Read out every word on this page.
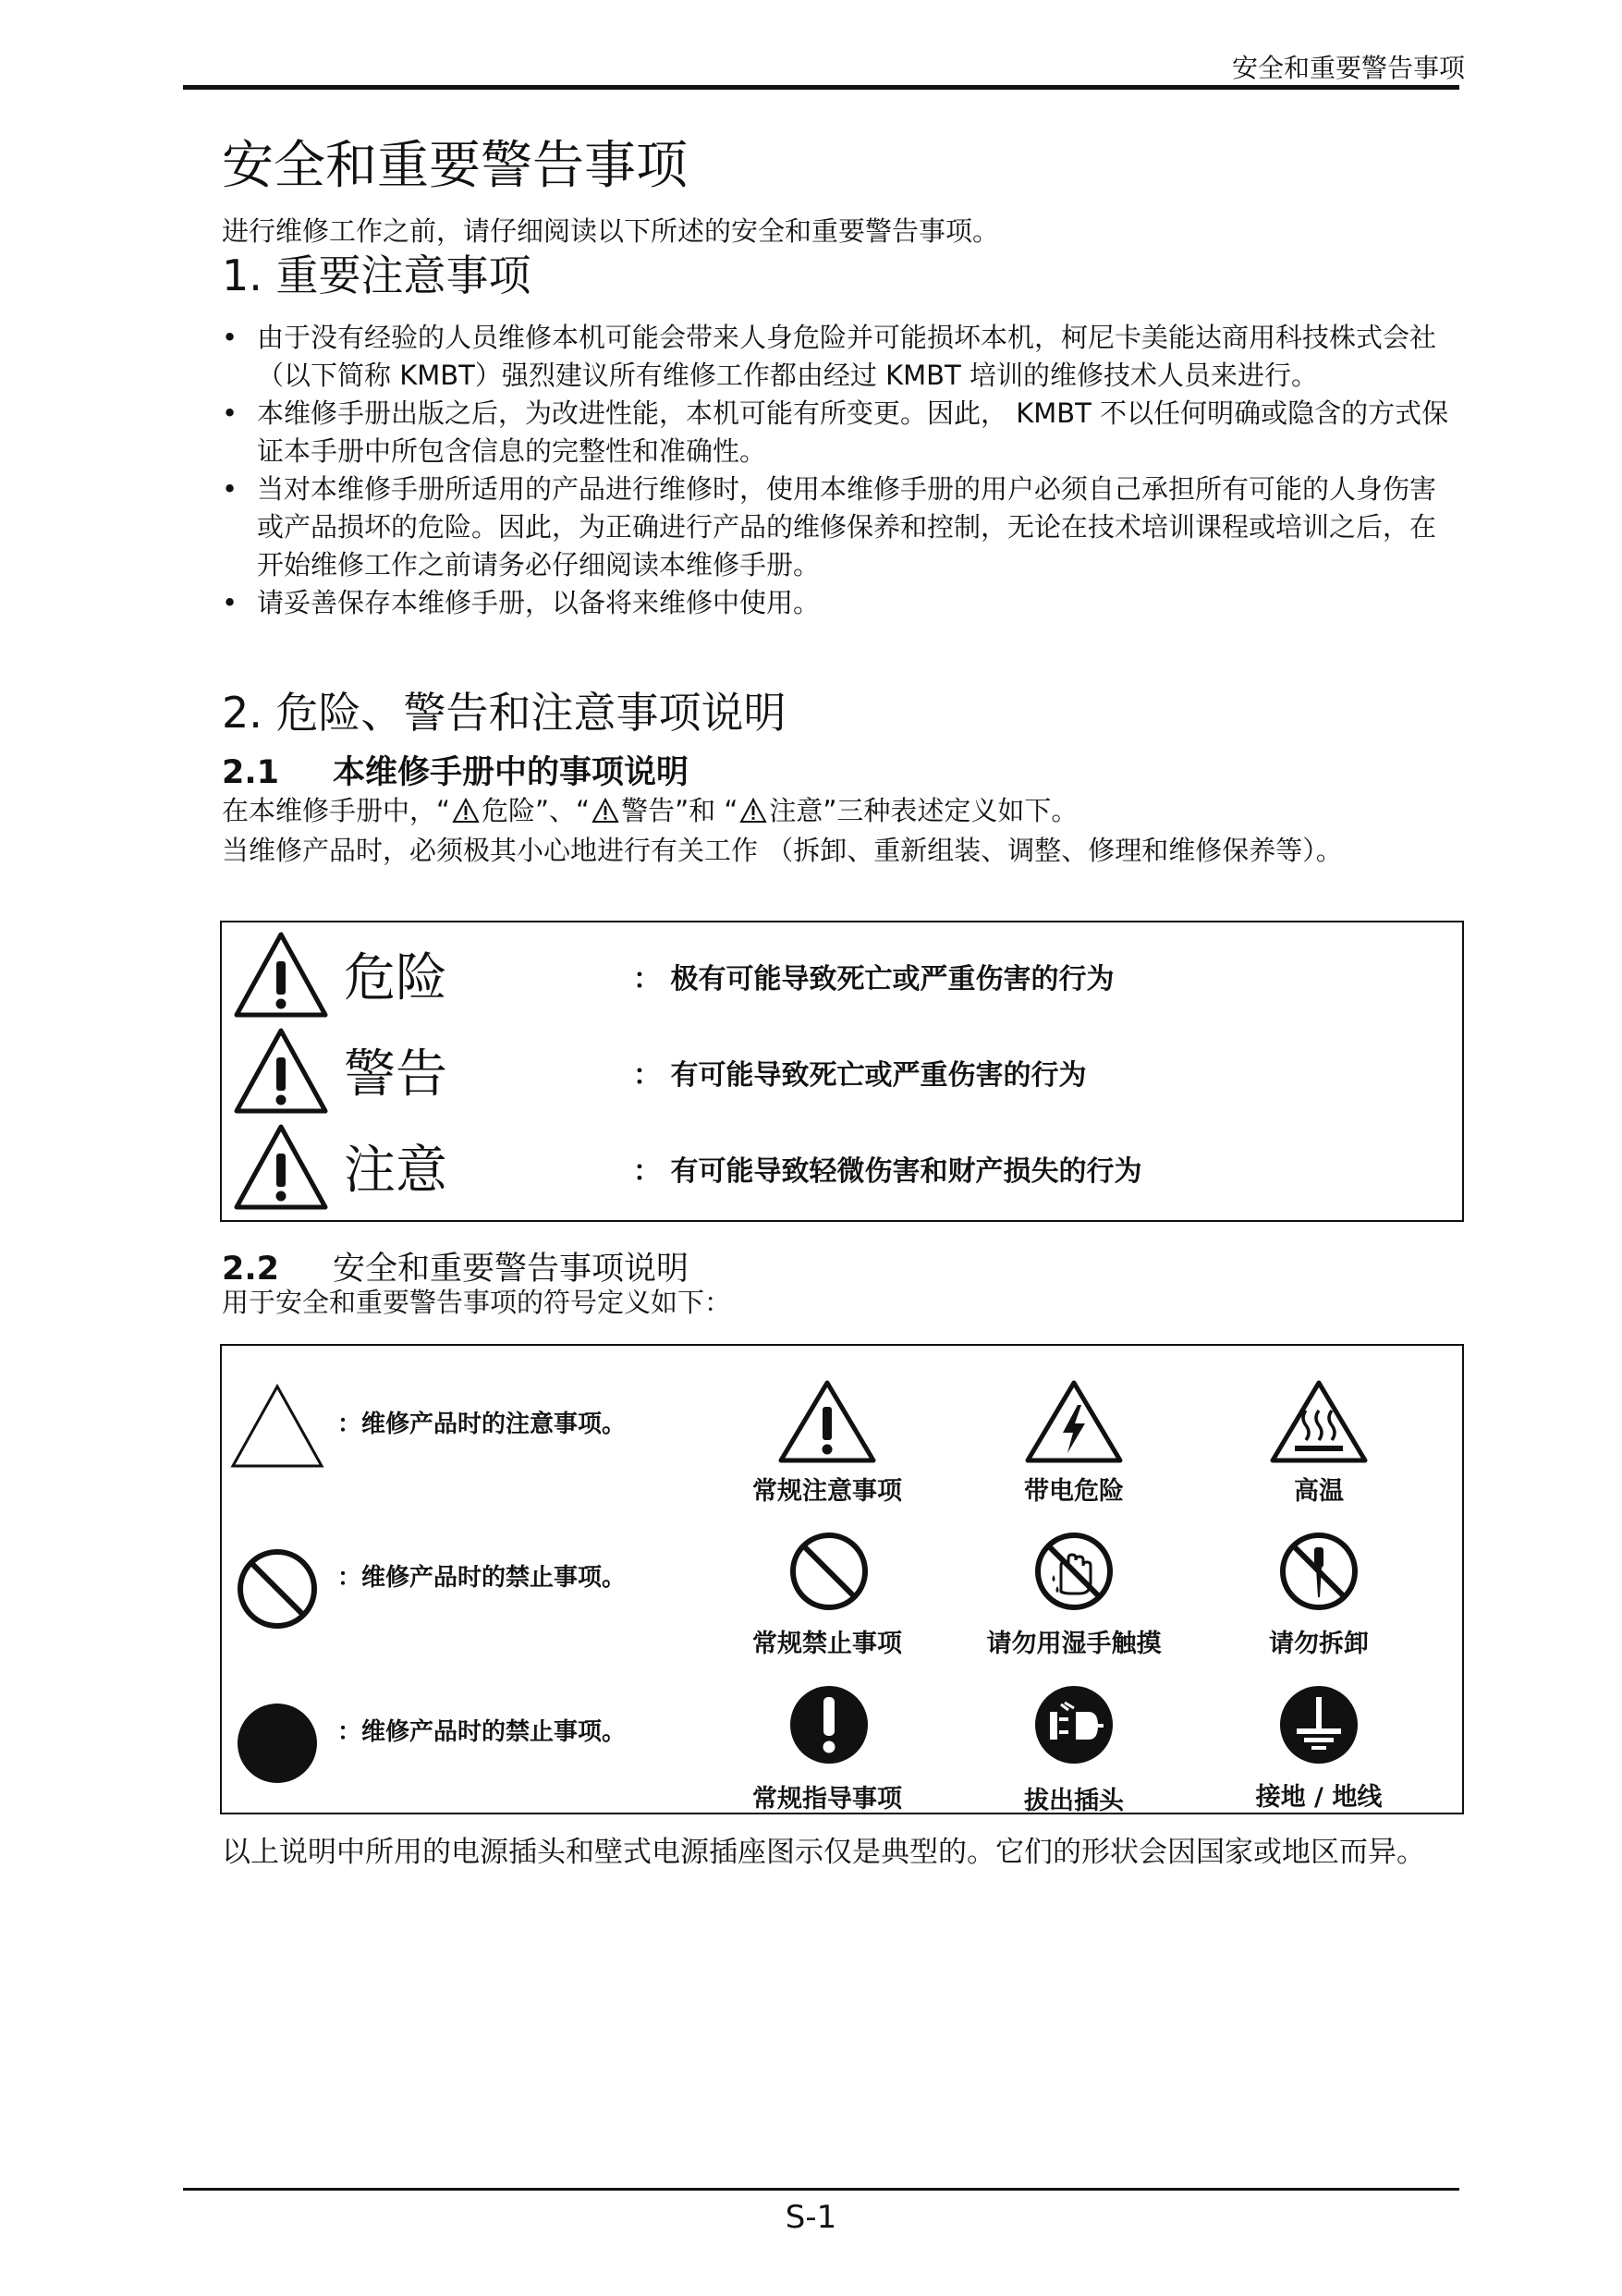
安全和重要警告事项
安全和重要警告事项
进行维修工作之前，请仔细阅读以下所述的安全和重要警告事项。
1. 重要注意事项
• 由于没有经验的人员维修本机可能会带来人身危险并可能损坏本机，柯尼卡美能达商用科技株式会社 （以下简称 KMBT）强烈建议所有维修工作都由经过 KMBT 培训的维修技术人员来进行。
• 本维修手册出版之后，为改进性能，本机可能有所变更。因此， KMBT 不以任何明确或隐含的方式保证本手册中所包含信息的完整性和准确性。
• 当对本维修手册所适用的产品进行维修时，使用本维修手册的用户必须自己承担所有可能的人身伤害或产品损坏的危险。因此，为正确进行产品的维修保养和控制，无论在技术培训课程或培训之后，在开始维修工作之前请务必仔细阅读本维修手册。
• 请妥善保存本维修手册，以备将来维修中使用。
2. 危险、警告和注意事项说明
2.1 本维修手册中的事项说明
在本维修手册中，“ 危险”、“ 警告”和 “ 注意”三种表述定义如下。
当维修产品时，必须极其小心地进行有关工作 （拆卸、重新组装、调整、修理和维修保养等）。
危险	： 极有可能导致死亡或严重伤害的行为
警告	： 有可能导致死亡或严重伤害的行为
注意	： 有可能导致轻微伤害和财产损失的行为
2.2 安全和重要警告事项说明
用于安全和重要警告事项的符号定义如下：
：维修产品时的注意事项。
常规注意事项	带电危险	高温
：维修产品时的禁止事项。
常规禁止事项	请勿用湿手触摸	请勿拆卸
：维修产品时的禁止事项。
常规指导事项	拔出插头	接地 / 地线
以上说明中所用的电源插头和壁式电源插座图示仅是典型的。它们的形状会因国家或地区而异。
S-1
